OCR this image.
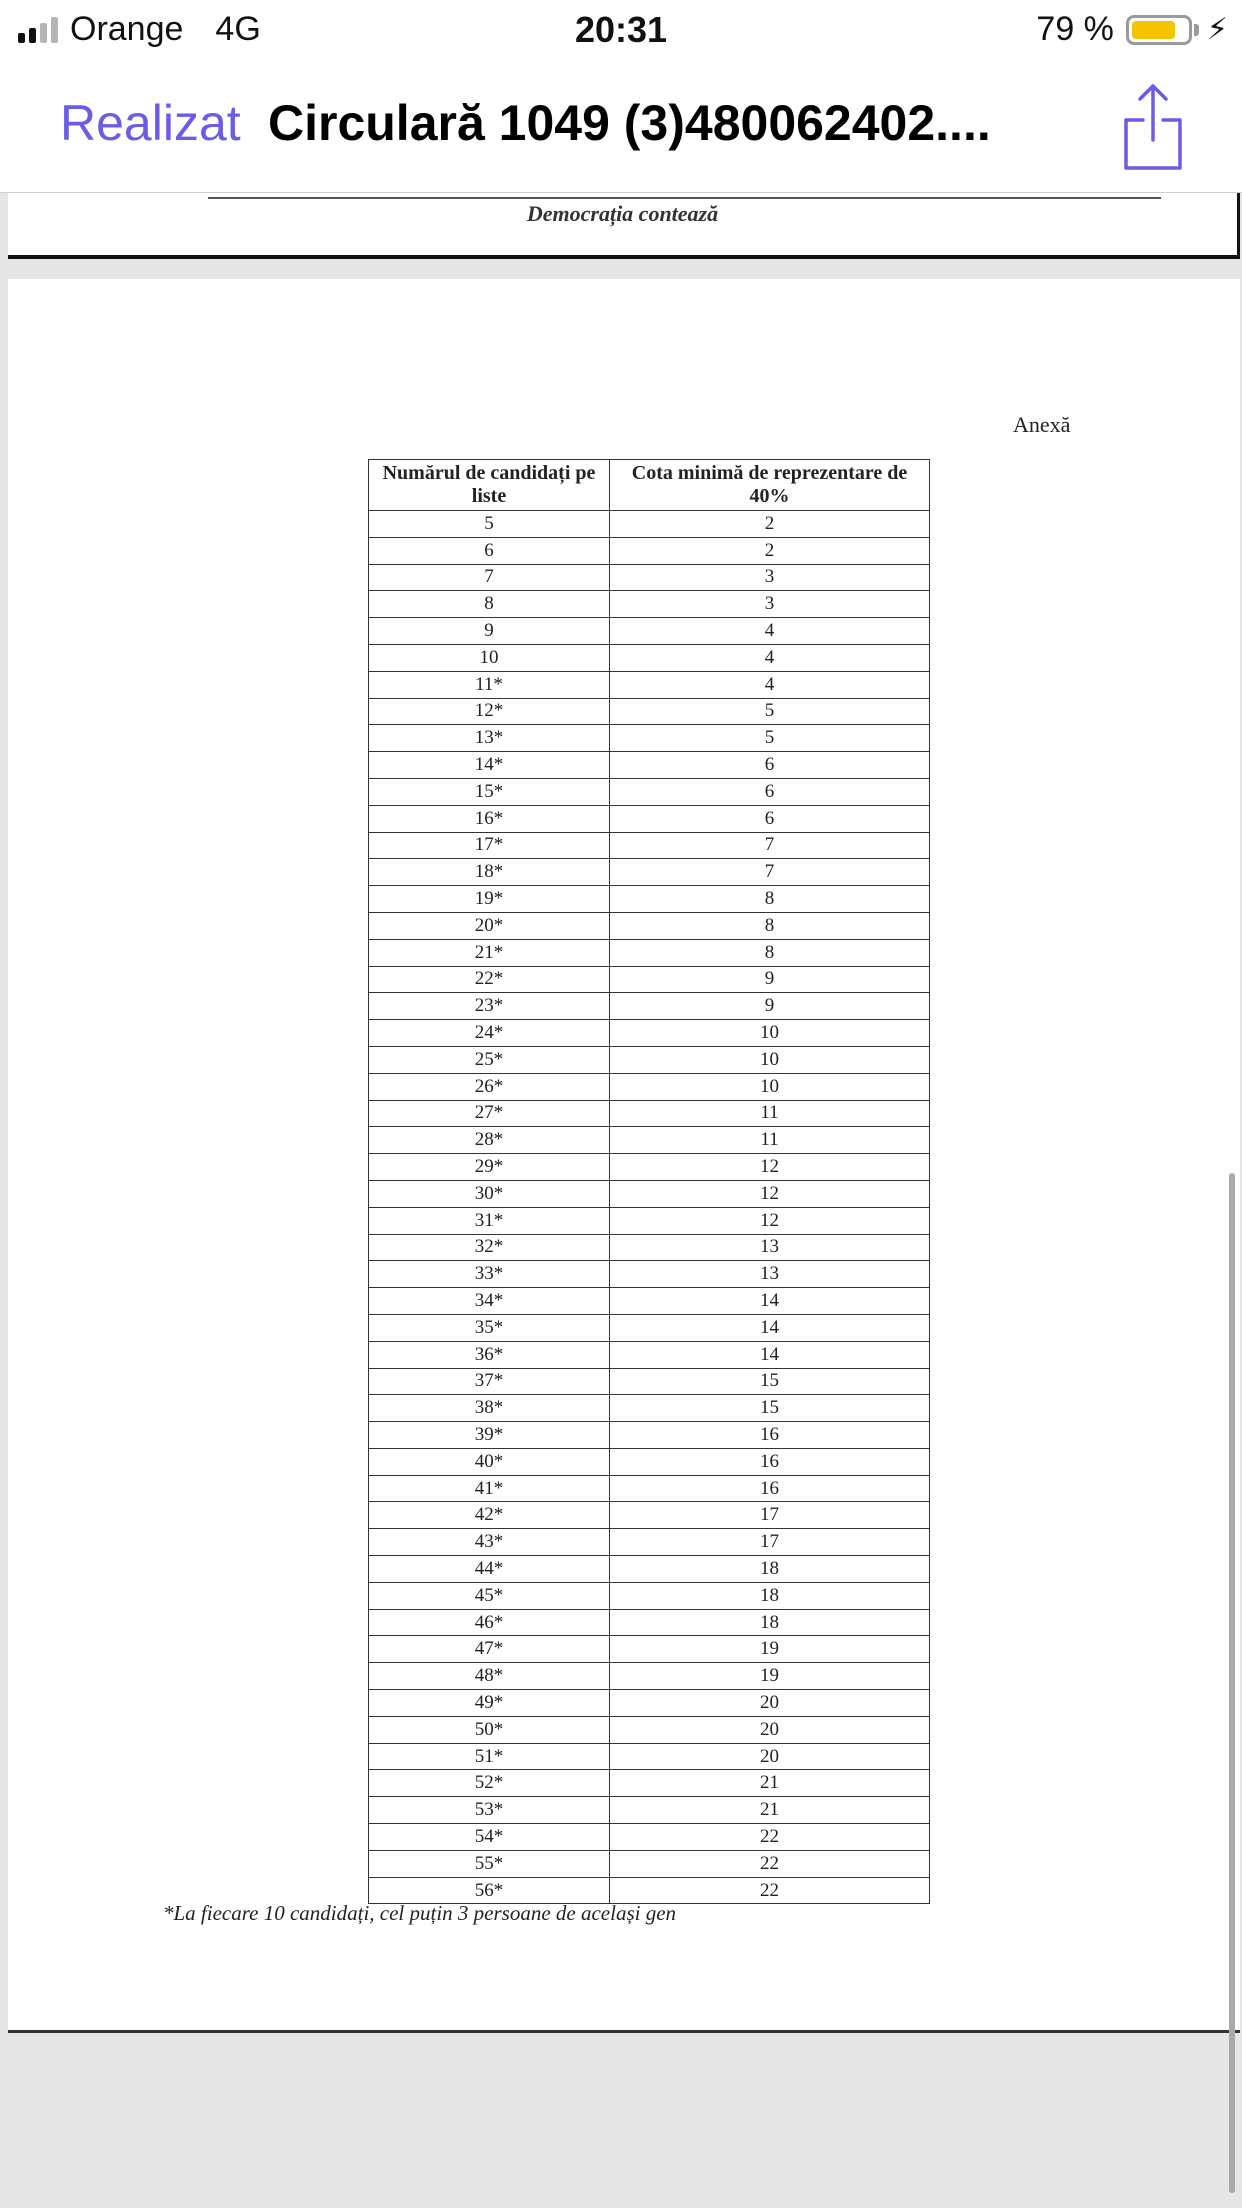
Orange 4G	20:31	79 %	⚡︎
Realizat Circulară 1049 (3)480062402....
Democrația contează
Anexă
Numărul de candidați pe liste	Cota minimă de reprezentare de 40%
5	2
6	2
7	3
8	3
9	4
10	4
11*	4
12*	5
13*	5
14*	6
15*	6
16*	6
17*	7
18*	7
19*	8
20*	8
21*	8
22*	9
23*	9
24*	10
25*	10
26*	10
27*	11
28*	11
29*	12
30*	12
31*	12
32*	13
33*	13
34*	14
35*	14
36*	14
37*	15
38*	15
39*	16
40*	16
41*	16
42*	17
43*	17
44*	18
45*	18
46*	18
47*	19
48*	19
49*	20
50*	20
51*	20
52*	21
53*	21
54*	22
55*	22
56*	22
*La fiecare 10 candidați, cel puțin 3 persoane de același gen
